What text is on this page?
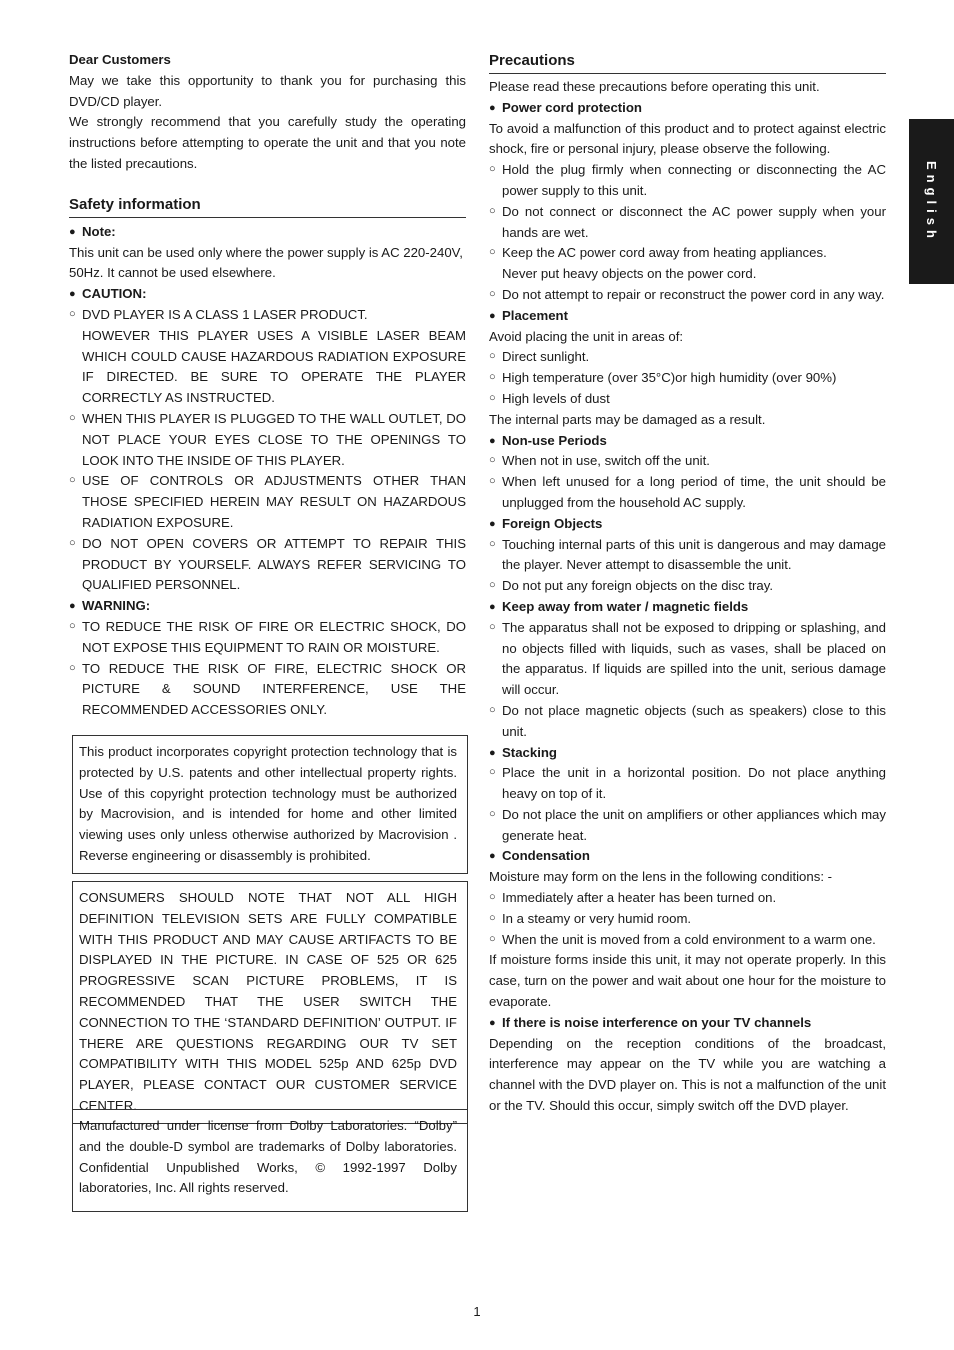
Dear Customers

May we take this opportunity to thank you for purchasing this DVD/CD player.

We strongly recommend that you carefully study the operating instructions before attempting to operate the unit and that you note the listed precautions.

Safety information
● Note:

This unit can be used only where the power supply is AC 220-240V, 50Hz. It cannot be used elsewhere.

● CAUTION:

○ DVD PLAYER IS A CLASS 1 LASER PRODUCT.

HOWEVER THIS PLAYER USES A VISIBLE LASER BEAM WHICH COULD CAUSE HAZARDOUS RADIATION EXPOSURE IF DIRECTED. BE SURE TO OPERATE THE PLAYER CORRECTLY AS INSTRUCTED.

○ WHEN THIS PLAYER IS PLUGGED TO THE WALL OUTLET, DO NOT PLACE YOUR EYES CLOSE TO THE OPENINGS TO LOOK INTO THE INSIDE OF THIS PLAYER.

○ USE OF CONTROLS OR ADJUSTMENTS OTHER THAN THOSE SPECIFIED HEREIN MAY RESULT ON HAZARDOUS RADIATION EXPOSURE.

○ DO NOT OPEN COVERS OR ATTEMPT TO REPAIR THIS PRODUCT BY YOURSELF. ALWAYS REFER SERVICING TO QUALIFIED PERSONNEL.

● WARNING:

○ TO REDUCE THE RISK OF FIRE OR ELECTRIC SHOCK, DO NOT EXPOSE THIS EQUIPMENT TO RAIN OR MOISTURE.

○ TO REDUCE THE RISK OF FIRE, ELECTRIC SHOCK OR PICTURE & SOUND INTERFERENCE, USE THE RECOMMENDED ACCESSORIES ONLY.

This product incorporates copyright protection technology that is protected by U.S. patents and other intellectual property rights. Use of this copyright protection technology must be authorized by Macrovision, and is intended for home and other limited viewing uses only unless otherwise authorized by Macrovision . Reverse engineering or disassembly is prohibited.
CONSUMERS SHOULD NOTE THAT NOT ALL HIGH DEFINITION TELEVISION SETS ARE FULLY COMPATIBLE WITH THIS PRODUCT AND MAY CAUSE ARTIFACTS TO BE DISPLAYED IN THE PICTURE. IN CASE OF 525 OR 625 PROGRESSIVE SCAN PICTURE PROBLEMS, IT IS RECOMMENDED THAT THE USER SWITCH THE CONNECTION TO THE ‘STANDARD DEFINITION’ OUTPUT. IF THERE ARE QUESTIONS REGARDING OUR TV SET COMPATIBILITY WITH THIS MODEL 525p AND 625p DVD PLAYER, PLEASE CONTACT OUR CUSTOMER SERVICE CENTER.
Manufactured under license from Dolby Laboratories. “Dolby” and the double-D symbol are trademarks of Dolby laboratories. Confidential Unpublished Works, © 1992-1997 Dolby laboratories, Inc. All rights reserved.
Precautions

Please read these precautions before operating this unit.

● Power cord protection

To avoid a malfunction of this product and to protect against electric shock, fire or personal injury, please observe the following.

○ Hold the plug firmly when connecting or disconnecting the AC power supply to this unit.

○ Do not connect or disconnect the AC power supply when your hands are wet.

○ Keep the AC power cord away from heating appliances.

Never put heavy objects on the power cord.

○ Do not attempt to repair or reconstruct the power cord in any way.

● Placement

Avoid placing the unit in areas of:

○ Direct sunlight.

○ High temperature (over 35°C)or high humidity (over 90%)

○ High levels of dust

The internal parts may be damaged as a result.

● Non-use Periods

○ When not in use, switch off the unit.

○ When left unused for a long period of time, the unit should be unplugged from the household AC supply.

● Foreign Objects

○ Touching internal parts of this unit is dangerous and may damage the player. Never attempt to disassemble the unit.

○ Do not put any foreign objects on the disc tray.

● Keep away from water / magnetic fields

○ The apparatus shall not be exposed to dripping or splashing, and no objects filled with liquids, such as vases, shall be placed on the apparatus. If liquids are spilled into the unit, serious damage will occur.

○ Do not place magnetic objects (such as speakers) close to this unit.

● Stacking

○ Place the unit in a horizontal position. Do not place anything heavy on top of it.

○ Do not place the unit on amplifiers or other appliances which may generate heat.

● Condensation

Moisture may form on the lens in the following conditions: -

○ Immediately after a heater has been turned on.

○ In a steamy or very humid room.

○ When the unit is moved from a cold environment to a warm one.

If moisture forms inside this unit, it may not operate properly. In this case, turn on the power and wait about one hour for the moisture to evaporate.

● If there is noise interference on your TV channels

Depending on the reception conditions of the broadcast, interference may appear on the TV while you are watching a channel with the DVD player on. This is not a malfunction of the unit or the TV. Should this occur, simply switch off the DVD player.

English
1
